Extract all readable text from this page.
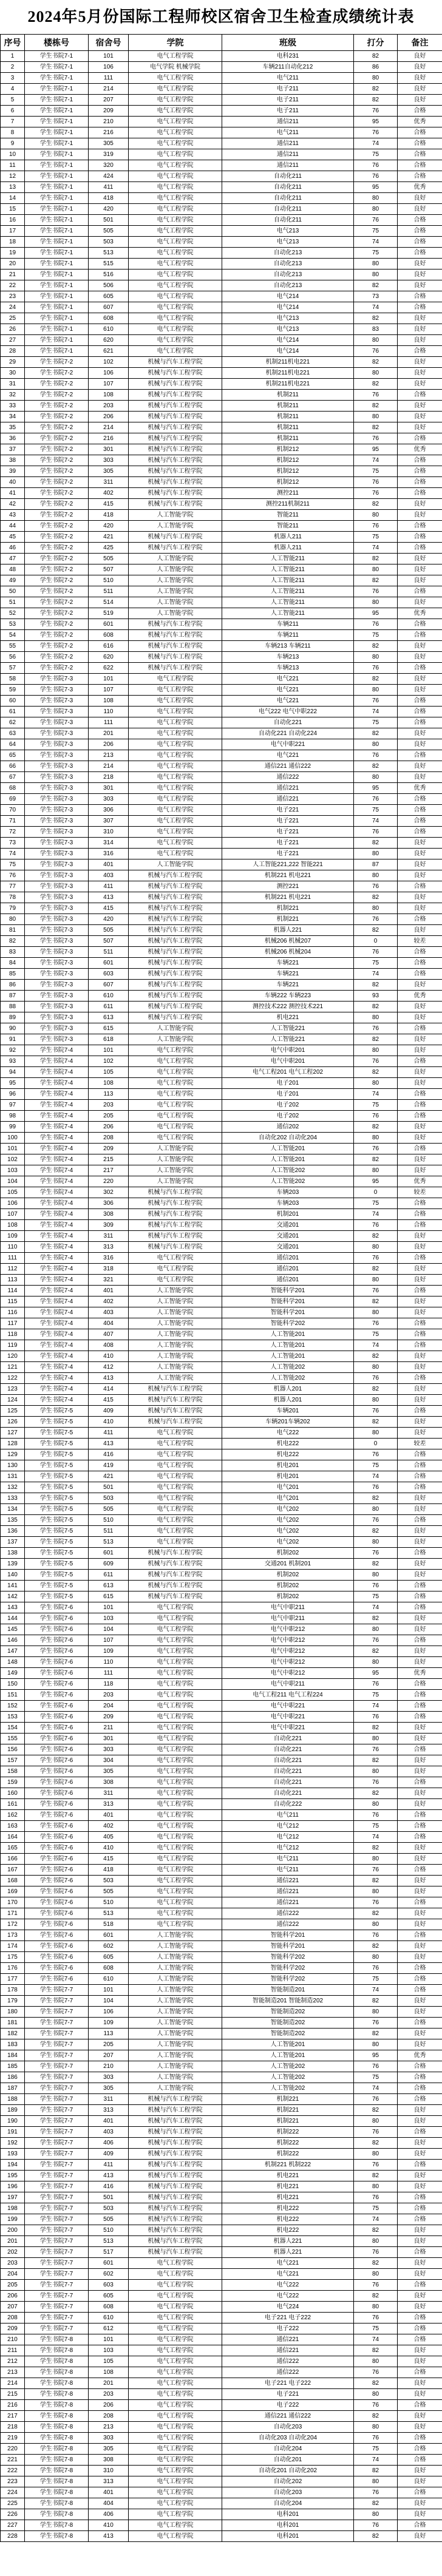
2024年5月份国际工程师校区宿舍卫生检查成绩统计表
序号	楼栋号	宿舍号	学院	班级	打分	备注
1	学生书院7-1	101	电气工程学院	电科231	82	良好
2	学生书院7-1	106	电气学院 机械学院	车辆211自动化212	86	良好
3	学生书院7-1	111	电气工程学院	电气211	80	良好
4	学生书院7-1	214	电气工程学院	电子211	82	良好
5	学生书院7-1	207	电气工程学院	电子211	82	良好
6	学生书院7-1	209	电气工程学院	电子211	76	合格
7	学生书院7-1	210	电气工程学院	通信211	95	优秀
8	学生书院7-1	216	电气工程学院	电气211	76	合格
9	学生书院7-1	305	电气工程学院	通信211	74	合格
10	学生书院7-1	319	电气工程学院	通信211	75	合格
11	学生书院7-1	320	电气工程学院	通信211	76	合格
12	学生书院7-1	424	电气工程学院	自动化211	76	合格
13	学生书院7-1	411	电气工程学院	自动化211	95	优秀
14	学生书院7-1	418	电气工程学院	自动化211	80	良好
15	学生书院7-1	420	电气工程学院	自动化211	80	良好
16	学生书院7-1	501	电气工程学院	自动化211	76	合格
17	学生书院7-1	505	电气工程学院	电气213	75	合格
18	学生书院7-1	503	电气工程学院	电气213	74	合格
19	学生书院7-1	513	电气工程学院	自动化213	75	合格
20	学生书院7-1	515	电气工程学院	自动化213	80	良好
21	学生书院7-1	516	电气工程学院	自动化213	80	良好
22	学生书院7-1	506	电气工程学院	自动化213	82	良好
23	学生书院7-1	605	电气工程学院	电气214	73	合格
24	学生书院7-1	607	电气工程学院	电气214	74	合格
25	学生书院7-1	608	电气工程学院	电气213	82	良好
26	学生书院7-1	610	电气工程学院	电气213	83	良好
27	学生书院7-1	620	电气工程学院	电气214	80	良好
28	学生书院7-1	621	电气工程学院	电气214	76	合格
29	学生书院7-2	102	机械与汽车工程学院	机制211机电221	82	良好
30	学生书院7-2	106	机械与汽车工程学院	机制211机电221	80	良好
31	学生书院7-2	107	机械与汽车工程学院	机制211机电221	82	良好
32	学生书院7-2	108	机械与汽车工程学院	机制211	76	合格
33	学生书院7-2	203	机械与汽车工程学院	机制211	82	良好
34	学生书院7-2	206	机械与汽车工程学院	机制211	80	良好
35	学生书院7-2	214	机械与汽车工程学院	机制211	82	良好
36	学生书院7-2	216	机械与汽车工程学院	机制211	76	合格
37	学生书院7-2	301	机械与汽车工程学院	机制212	95	优秀
38	学生书院7-2	303	机械与汽车工程学院	机制212	74	合格
39	学生书院7-2	305	机械与汽车工程学院	机制212	75	合格
40	学生书院7-2	311	机械与汽车工程学院	机制212	76	合格
41	学生书院7-2	402	机械与汽车工程学院	测控211	76	合格
42	学生书院7-2	415	机械与汽车工程学院	测控211机制211	82	良好
43	学生书院7-2	418	人工智能学院	智能211	80	良好
44	学生书院7-2	420	人工智能学院	智能211	76	合格
45	学生书院7-2	421	机械与汽车工程学院	机器人211	75	合格
46	学生书院7-2	425	机械与汽车工程学院	机器人211	74	合格
47	学生书院7-2	505	人工智能学院	人工智能211	82	良好
48	学生书院7-2	507	人工智能学院	人工智能211	80	良好
49	学生书院7-2	510	人工智能学院	人工智能211	82	良好
50	学生书院7-2	511	人工智能学院	人工智能211	76	合格
51	学生书院7-2	514	人工智能学院	人工智能211	80	良好
52	学生书院7-2	519	人工智能学院	人工智能211	95	优秀
53	学生书院7-2	601	机械与汽车工程学院	车辆211	76	合格
54	学生书院7-2	608	机械与汽车工程学院	车辆211	75	合格
55	学生书院7-2	616	机械与汽车工程学院	车辆213 车辆211	82	良好
56	学生书院7-2	620	机械与汽车工程学院	车辆213	80	良好
57	学生书院7-2	622	机械与汽车工程学院	车辆213	76	合格
58	学生书院7-3	101	电气工程学院	电气221	82	良好
59	学生书院7-3	107	电气工程学院	电气221	80	良好
60	学生书院7-3	108	电气工程学院	电气221	76	合格
61	学生书院7-3	110	电气工程学院	电气222 电气中职222	74	合格
62	学生书院7-3	111	电气工程学院	自动化221	75	合格
63	学生书院7-3	201	电气工程学院	自动化221 自动化224	82	良好
64	学生书院7-3	206	电气工程学院	电气中职221	80	良好
65	学生书院7-3	213	电气工程学院	电气221	76	合格
66	学生书院7-3	214	电气工程学院	通信221 通信222	82	良好
67	学生书院7-3	218	电气工程学院	通信222	80	良好
68	学生书院7-3	301	电气工程学院	通信221	95	优秀
69	学生书院7-3	303	电气工程学院	通信221	76	合格
70	学生书院7-3	306	电气工程学院	电子221	75	合格
71	学生书院7-3	307	电气工程学院	电子221	74	合格
72	学生书院7-3	310	电气工程学院	电子221	76	合格
73	学生书院7-3	314	电气工程学院	电子221	82	良好
74	学生书院7-3	316	电气工程学院	电子221	80	良好
75	学生书院7-3	401	人工智能学院	人工智能221,222 智能221	87	良好
76	学生书院7-3	403	机械与汽车工程学院	机制221 机电221	80	良好
77	学生书院7-3	411	机械与汽车工程学院	测控221	76	合格
78	学生书院7-3	413	机械与汽车工程学院	机制221 机电221	82	良好
79	学生书院7-3	415	机械与汽车工程学院	机制221	80	良好
80	学生书院7-3	420	机械与汽车工程学院	机制221	76	合格
81	学生书院7-3	505	机械与汽车工程学院	机器人221	82	良好
82	学生书院7-3	507	机械与汽车工程学院	机械206 机械207	0	较差
83	学生书院7-3	511	机械与汽车工程学院	机械206 机械204	76	合格
84	学生书院7-3	601	机械与汽车工程学院	车辆221	75	合格
85	学生书院7-3	603	机械与汽车工程学院	车辆221	74	合格
86	学生书院7-3	607	机械与汽车工程学院	车辆221	82	良好
87	学生书院7-3	610	机械与汽车工程学院	车辆222 车辆223	93	优秀
88	学生书院7-3	611	机械与汽车工程学院	测控技术222 测控技术221	82	良好
89	学生书院7-3	613	机械与汽车工程学院	机电221	80	良好
90	学生书院7-3	615	人工智能学院	人工智能221	76	合格
91	学生书院7-3	618	人工智能学院	人工智能221	82	良好
92	学生书院7-4	101	电气工程学院	电气中职201	80	良好
93	学生书院7-4	102	电气工程学院	电气中职201	76	合格
94	学生书院7-4	105	电气工程学院	电气工程201 电气工程202	82	良好
95	学生书院7-4	108	电气工程学院	电子201	80	良好
96	学生书院7-4	113	电气工程学院	电子201	74	合格
97	学生书院7-4	203	电气工程学院	电子202	75	合格
98	学生书院7-4	205	电气工程学院	电子202	76	合格
99	学生书院7-4	206	电气工程学院	通信202	82	良好
100	学生书院7-4	208	电气工程学院	自动化202 自动化204	80	良好
101	学生书院7-4	209	人工智能学院	人工智能201	76	合格
102	学生书院7-4	215	人工智能学院	人工智能201	82	良好
103	学生书院7-4	217	人工智能学院	人工智能202	80	良好
104	学生书院7-4	220	人工智能学院	人工智能202	95	优秀
105	学生书院7-4	302	机械与汽车工程学院	车辆203	0	较差
106	学生书院7-4	306	机械与汽车工程学院	车辆203	75	合格
107	学生书院7-4	308	机械与汽车工程学院	机制201	74	合格
108	学生书院7-4	309	机械与汽车工程学院	交通201	76	合格
109	学生书院7-4	311	机械与汽车工程学院	交通201	82	良好
110	学生书院7-4	313	机械与汽车工程学院	交通201	80	良好
111	学生书院7-4	316	电气工程学院	通信201	76	合格
112	学生书院7-4	318	电气工程学院	通信201	82	良好
113	学生书院7-4	321	电气工程学院	通信201	80	良好
114	学生书院7-4	401	人工智能学院	智能科学201	76	合格
115	学生书院7-4	402	人工智能学院	智能科学201	82	良好
116	学生书院7-4	403	人工智能学院	智能科学201	80	良好
117	学生书院7-4	404	人工智能学院	智能科学202	76	合格
118	学生书院7-4	407	人工智能学院	人工智能201	75	合格
119	学生书院7-4	408	人工智能学院	人工智能201	74	合格
120	学生书院7-4	410	人工智能学院	人工智能201	82	良好
121	学生书院7-4	412	人工智能学院	人工智能202	80	良好
122	学生书院7-4	413	人工智能学院	人工智能202	76	合格
123	学生书院7-4	414	机械与汽车工程学院	机器人201	82	良好
124	学生书院7-4	415	机械与汽车工程学院	机器人201	80	良好
125	学生书院7-5	409	机械与汽车工程学院	车辆201	76	合格
126	学生书院7-5	410	机械与汽车工程学院	车辆201车辆202	82	良好
127	学生书院7-5	411	电气工程学院	电气222	80	良好
128	学生书院7-5	413	电气工程学院	机电222	0	较差
129	学生书院7-5	416	电气工程学院	机电222	76	合格
130	学生书院7-5	419	电气工程学院	机电201	75	合格
131	学生书院7-5	421	电气工程学院	机电201	74	合格
132	学生书院7-5	501	电气工程学院	电气201	76	合格
133	学生书院7-5	503	电气工程学院	电气201	82	良好
134	学生书院7-5	505	电气工程学院	电气202	80	良好
135	学生书院7-5	510	电气工程学院	电气202	76	合格
136	学生书院7-5	511	电气工程学院	电气202	82	良好
137	学生书院7-5	513	电气工程学院	电气202	80	良好
138	学生书院7-5	601	机械与汽车工程学院	机制202	76	合格
139	学生书院7-5	609	机械与汽车工程学院	交通201 机制201	82	良好
140	学生书院7-5	611	机械与汽车工程学院	机制202	80	良好
141	学生书院7-5	613	机械与汽车工程学院	机制202	76	合格
142	学生书院7-5	615	机械与汽车工程学院	机制202	75	合格
143	学生书院7-6	101	电气工程学院	电气中职211	74	合格
144	学生书院7-6	103	电气工程学院	电气中职211	82	良好
145	学生书院7-6	104	电气工程学院	电气中职212	80	良好
146	学生书院7-6	107	电气工程学院	电气中职212	76	合格
147	学生书院7-6	109	电气工程学院	电气中职212	82	良好
148	学生书院7-6	110	电气工程学院	电气中职212	80	良好
149	学生书院7-6	111	电气工程学院	电气中职212	95	优秀
150	学生书院7-6	118	电气工程学院	电气中职211	76	合格
151	学生书院7-6	203	电气工程学院	电气工程211 电气工程224	75	合格
152	学生书院7-6	204	电气工程学院	电气中职221	74	合格
153	学生书院7-6	209	电气工程学院	电气中职221	76	合格
154	学生书院7-6	211	电气工程学院	电气中职221	82	良好
155	学生书院7-6	301	电气工程学院	自动化221	80	良好
156	学生书院7-6	303	电气工程学院	自动化221	76	合格
157	学生书院7-6	304	电气工程学院	自动化221	82	良好
158	学生书院7-6	305	电气工程学院	自动化221	80	良好
159	学生书院7-6	308	电气工程学院	自动化221	76	合格
160	学生书院7-6	311	电气工程学院	自动化221	82	良好
161	学生书院7-6	313	电气工程学院	自动化222	80	良好
162	学生书院7-6	401	电气工程学院	电气211	76	合格
163	学生书院7-6	402	电气工程学院	电气212	75	合格
164	学生书院7-6	405	电气工程学院	电气212	74	合格
165	学生书院7-6	410	电气工程学院	电气212	82	良好
166	学生书院7-6	415	电气工程学院	电气211	80	良好
167	学生书院7-6	418	电气工程学院	电气211	76	合格
168	学生书院7-6	503	电气工程学院	通信221	82	良好
169	学生书院7-6	505	电气工程学院	通信221	80	良好
170	学生书院7-6	510	电气工程学院	通信221	76	合格
171	学生书院7-6	513	电气工程学院	通信222	82	良好
172	学生书院7-6	518	电气工程学院	通信222	80	良好
173	学生书院7-6	601	人工智能学院	智能科学201	76	合格
174	学生书院7-6	602	人工智能学院	智能科学201	82	良好
175	学生书院7-6	605	人工智能学院	智能科学202	80	良好
176	学生书院7-6	608	人工智能学院	智能科学202	76	合格
177	学生书院7-6	610	人工智能学院	智能科学202	75	合格
178	学生书院7-7	101	人工智能学院	智能制造201	74	合格
179	学生书院7-7	104	人工智能学院	智能制造201 智能制造202	82	良好
180	学生书院7-7	106	人工智能学院	智能制造202	80	良好
181	学生书院7-7	109	人工智能学院	智能制造202	76	合格
182	学生书院7-7	113	人工智能学院	智能制造202	82	良好
183	学生书院7-7	205	人工智能学院	人工智能201	80	良好
184	学生书院7-7	207	人工智能学院	人工智能201	95	优秀
185	学生书院7-7	210	人工智能学院	人工智能202	76	合格
186	学生书院7-7	303	人工智能学院	人工智能202	75	合格
187	学生书院7-7	305	人工智能学院	人工智能202	74	合格
188	学生书院7-7	311	机械与汽车工程学院	机制221	76	合格
189	学生书院7-7	313	机械与汽车工程学院	机制221	82	良好
190	学生书院7-7	401	机械与汽车工程学院	机制221	80	良好
191	学生书院7-7	403	机械与汽车工程学院	机制222	76	合格
192	学生书院7-7	406	机械与汽车工程学院	机制222	82	良好
193	学生书院7-7	409	机械与汽车工程学院	机制222	80	良好
194	学生书院7-7	411	机械与汽车工程学院	机制221 机制222	76	合格
195	学生书院7-7	413	机械与汽车工程学院	机电221	82	良好
196	学生书院7-7	416	机械与汽车工程学院	机电221	80	良好
197	学生书院7-7	501	机械与汽车工程学院	机电221	76	合格
198	学生书院7-7	503	机械与汽车工程学院	机电222	75	合格
199	学生书院7-7	505	机械与汽车工程学院	机电222	74	合格
200	学生书院7-7	510	机械与汽车工程学院	机电222	82	良好
201	学生书院7-7	513	机械与汽车工程学院	机器人221	80	良好
202	学生书院7-7	517	机械与汽车工程学院	机器人221	76	合格
203	学生书院7-7	601	电气工程学院	电气221	82	良好
204	学生书院7-7	602	电气工程学院	电气221	80	良好
205	学生书院7-7	603	电气工程学院	电气222	76	合格
206	学生书院7-7	605	电气工程学院	电气222	82	良好
207	学生书院7-7	608	电气工程学院	电气224	80	良好
208	学生书院7-7	610	电气工程学院	电子221 电子222	76	合格
209	学生书院7-7	612	电气工程学院	电子222	75	合格
210	学生书院7-8	101	电气工程学院	通信221	74	合格
211	学生书院7-8	103	电气工程学院	通信221	82	良好
212	学生书院7-8	105	电气工程学院	通信222	80	良好
213	学生书院7-8	108	电气工程学院	通信222	76	合格
214	学生书院7-8	201	电气工程学院	电子221 电子222	82	良好
215	学生书院7-8	203	电气工程学院	电子221	80	良好
216	学生书院7-8	206	电气工程学院	电子222	76	合格
217	学生书院7-8	208	电气工程学院	通信221 通信222	82	良好
218	学生书院7-8	213	电气工程学院	自动化203	80	良好
219	学生书院7-8	303	电气工程学院	自动化203 自动化204	76	合格
220	学生书院7-8	305	电气工程学院	自动化204	75	合格
221	学生书院7-8	308	电气工程学院	自动化201	74	合格
222	学生书院7-8	310	电气工程学院	自动化201 自动化202	82	良好
223	学生书院7-8	313	电气工程学院	自动化202	80	良好
224	学生书院7-8	401	电气工程学院	自动化203	76	合格
225	学生书院7-8	404	电气工程学院	自动化204	82	良好
226	学生书院7-8	406	电气工程学院	电科201	80	良好
227	学生书院7-8	410	电气工程学院	电科201	76	合格
228	学生书院7-8	413	电气工程学院	电科201	82	良好
